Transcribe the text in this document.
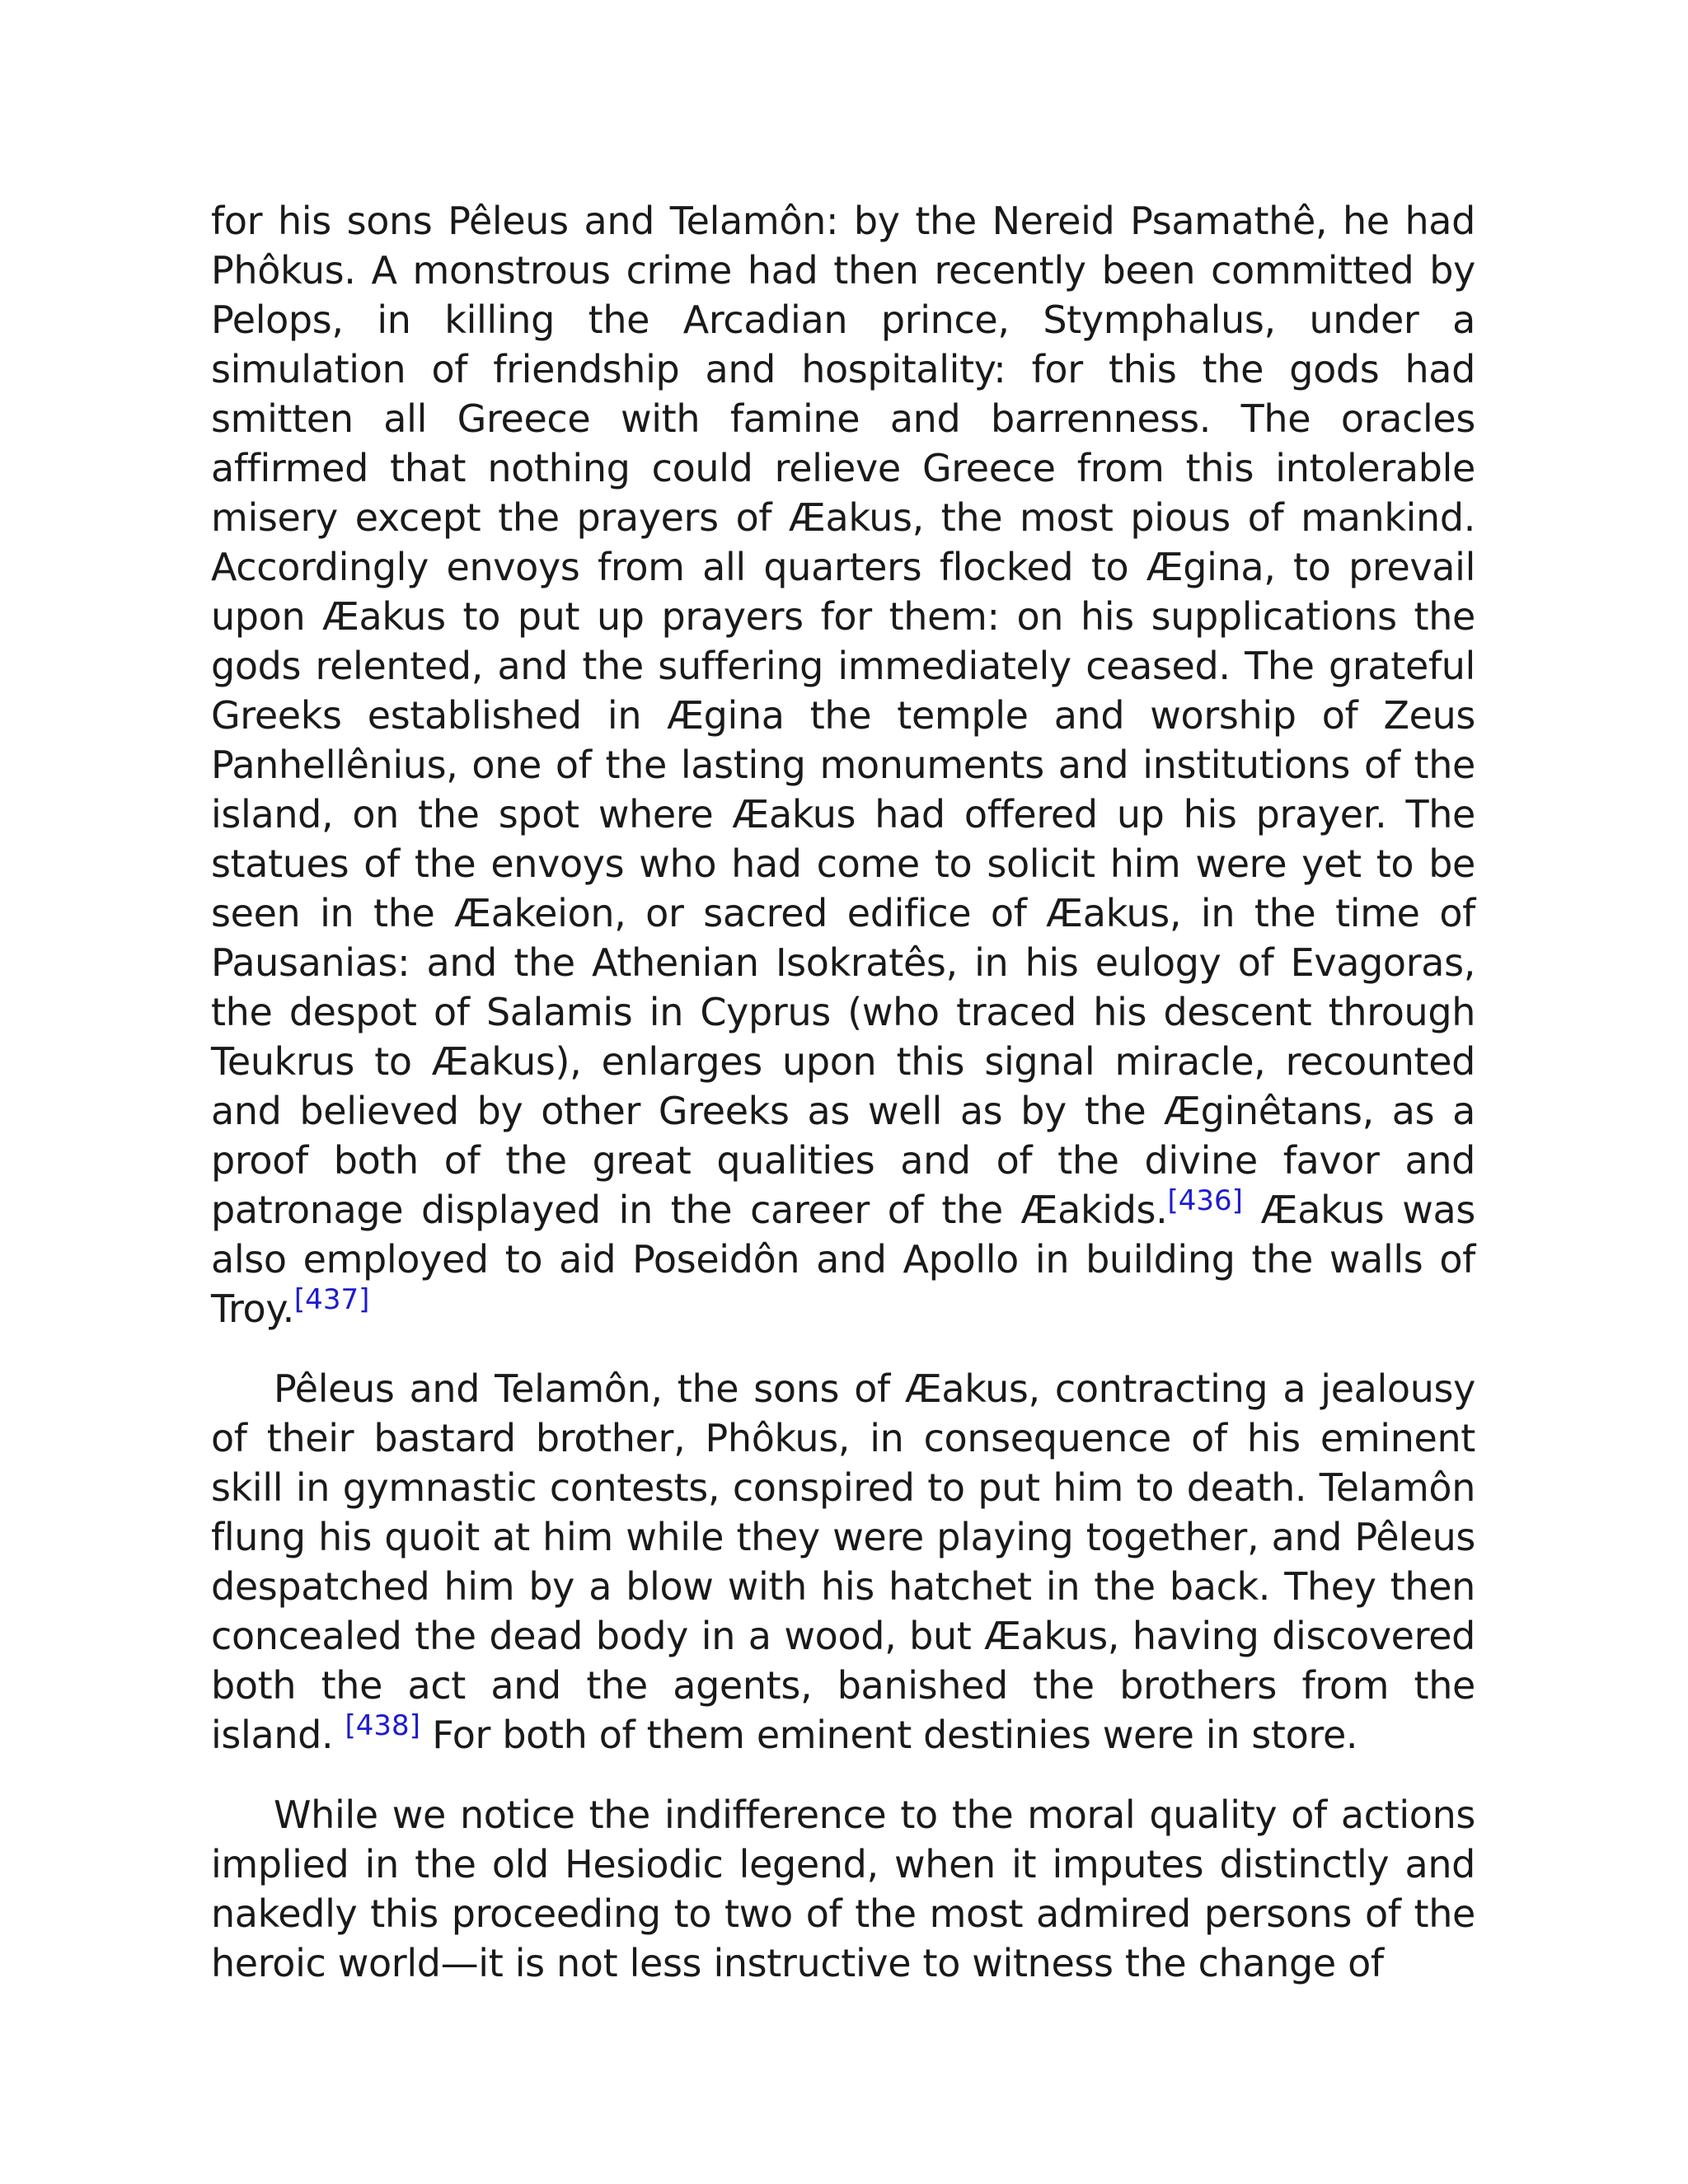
for his sons Pêleus and Telamôn: by the Nereid Psamathê, he had Phôkus. A monstrous crime had then recently been committed by Pelops, in killing the Arcadian prince, Stymphalus, under a simulation of friendship and hospitality: for this the gods had smitten all Greece with famine and barrenness. The oracles affirmed that nothing could relieve Greece from this intolerable misery except the prayers of Æakus, the most pious of mankind. Accordingly envoys from all quarters flocked to Ægina, to prevail upon Æakus to put up prayers for them: on his supplications the gods relented, and the suffering immediately ceased. The grateful Greeks established in Ægina the temple and worship of Zeus Panhellênius, one of the lasting monuments and institutions of the island, on the spot where Æakus had offered up his prayer. The statues of the envoys who had come to solicit him were yet to be seen in the Æakeion, or sacred edifice of Æakus, in the time of Pausanias: and the Athenian Isokratês, in his eulogy of Evagoras, the despot of Salamis in Cyprus (who traced his descent through Teukrus to Æakus), enlarges upon this signal miracle, recounted and believed by other Greeks as well as by the Æginêtans, as a proof both of the great qualities and of the divine favor and patronage displayed in the career of the Æakids.[436] Æakus was also employed to aid Poseidôn and Apollo in building the walls of Troy.[437]

Pêleus and Telamôn, the sons of Æakus, contracting a jealousy of their bastard brother, Phôkus, in consequence of his eminent skill in gymnastic contests, conspired to put him to death. Telamôn flung his quoit at him while they were playing together, and Pêleus despatched him by a blow with his hatchet in the back. They then concealed the dead body in a wood, but Æakus, having discovered both the act and the agents, banished the brothers from the island. [438] For both of them eminent destinies were in store.

While we notice the indifference to the moral quality of actions implied in the old Hesiodic legend, when it imputes distinctly and nakedly this proceeding to two of the most admired persons of the heroic world—it is not less instructive to witness the change of
